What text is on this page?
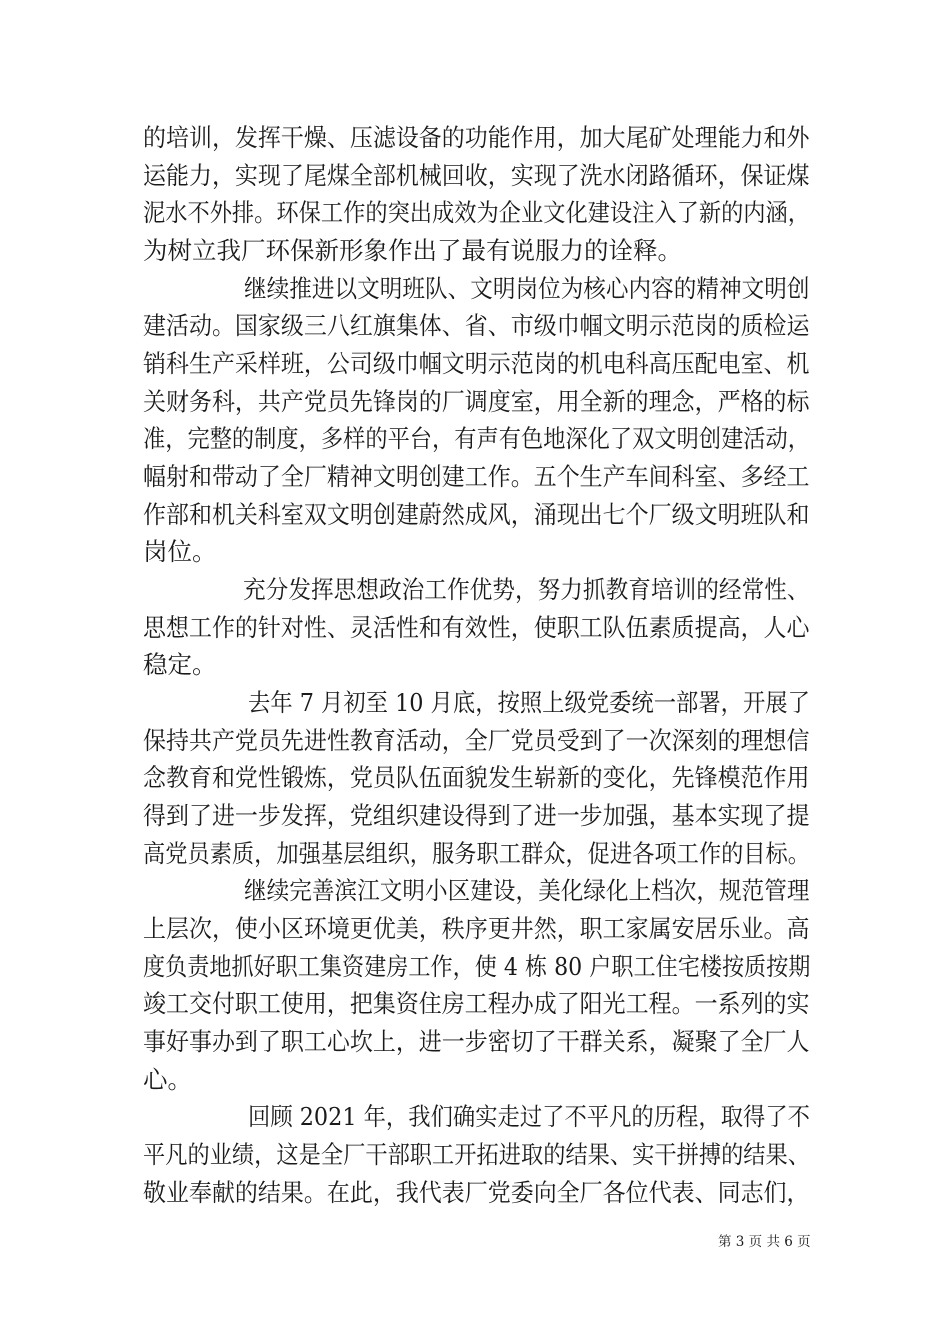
的培训，发挥干燥、压滤设备的功能作用，加大尾矿处理能力和外
运能力，实现了尾煤全部机械回收，实现了洗水闭路循环，保证煤
泥水不外排。环保工作的突出成效为企业文化建设注入了新的内涵，
为树立我厂环保新形象作出了最有说服力的诠释。
继续推进以文明班队、文明岗位为核心内容的精神文明创
建活动。国家级三八红旗集体、省、市级巾帼文明示范岗的质检运
销科生产采样班，公司级巾帼文明示范岗的机电科高压配电室、机
关财务科，共产党员先锋岗的厂调度室，用全新的理念，严格的标
准，完整的制度，多样的平台，有声有色地深化了双文明创建活动，
幅射和带动了全厂精神文明创建工作。五个生产车间科室、多经工
作部和机关科室双文明创建蔚然成风，涌现出七个厂级文明班队和
岗位。
充分发挥思想政治工作优势，努力抓教育培训的经常性、
思想工作的针对性、灵活性和有效性，使职工队伍素质提高，人心
稳定。
去年 7 月初至 10 月底，按照上级党委统一部署，开展了
保持共产党员先进性教育活动，全厂党员受到了一次深刻的理想信
念教育和党性锻炼，党员队伍面貌发生崭新的变化，先锋模范作用
得到了进一步发挥，党组织建设得到了进一步加强，基本实现了提
高党员素质，加强基层组织，服务职工群众，促进各项工作的目标。
继续完善滨江文明小区建设，美化绿化上档次，规范管理
上层次，使小区环境更优美，秩序更井然，职工家属安居乐业。高
度负责地抓好职工集资建房工作，使 4 栋 80 户职工住宅楼按质按期
竣工交付职工使用，把集资住房工程办成了阳光工程。一系列的实
事好事办到了职工心坎上，进一步密切了干群关系，凝聚了全厂人
心。
回顾 2021 年，我们确实走过了不平凡的历程，取得了不
平凡的业绩，这是全厂干部职工开拓进取的结果、实干拼搏的结果、
敬业奉献的结果。在此，我代表厂党委向全厂各位代表、同志们，
第 3 页 共 6 页
